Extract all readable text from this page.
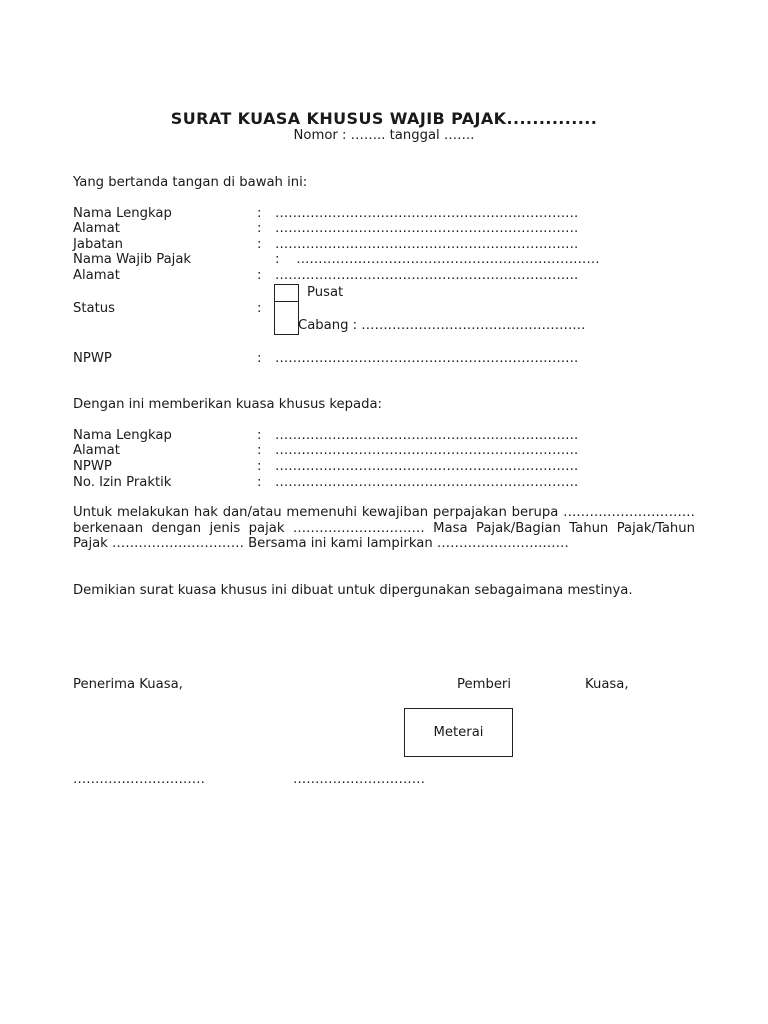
SURAT KUASA KHUSUS WAJIB PAJAK..............
Nomor : …….. tanggal …….
Yang bertanda tangan di bawah ini:
Nama Lengkap	: ……………………………………………………………
Alamat	: ……………………………………………………………
Jabatan	: ……………………………………………………………
Nama Wajib Pajak	:    ……………………………………………………………
Alamat	: ……………………………………………………………
Pusat
Status	:
Cabang : ……………………………………………
NPWP	: ……………………………………………………………
Dengan ini memberikan kuasa khusus kepada:
Nama Lengkap	: ……………………………………………………………
Alamat	: ……………………………………………………………
NPWP	: ……………………………………………………………
No. Izin Praktik	: ……………………………………………………………
Untuk melakukan hak dan/atau memenuhi kewajiban perpajakan berupa ………………………… berkenaan dengan jenis pajak ………………………… Masa Pajak/Bagian Tahun Pajak/Tahun Pajak ………………………… Bersama ini kami lampirkan …………………………
Demikian surat kuasa khusus ini dibuat untuk dipergunakan sebagaimana mestinya.
Penerima Kuasa,	Pemberi	Kuasa,
Meterai
…………………………	…………………………
